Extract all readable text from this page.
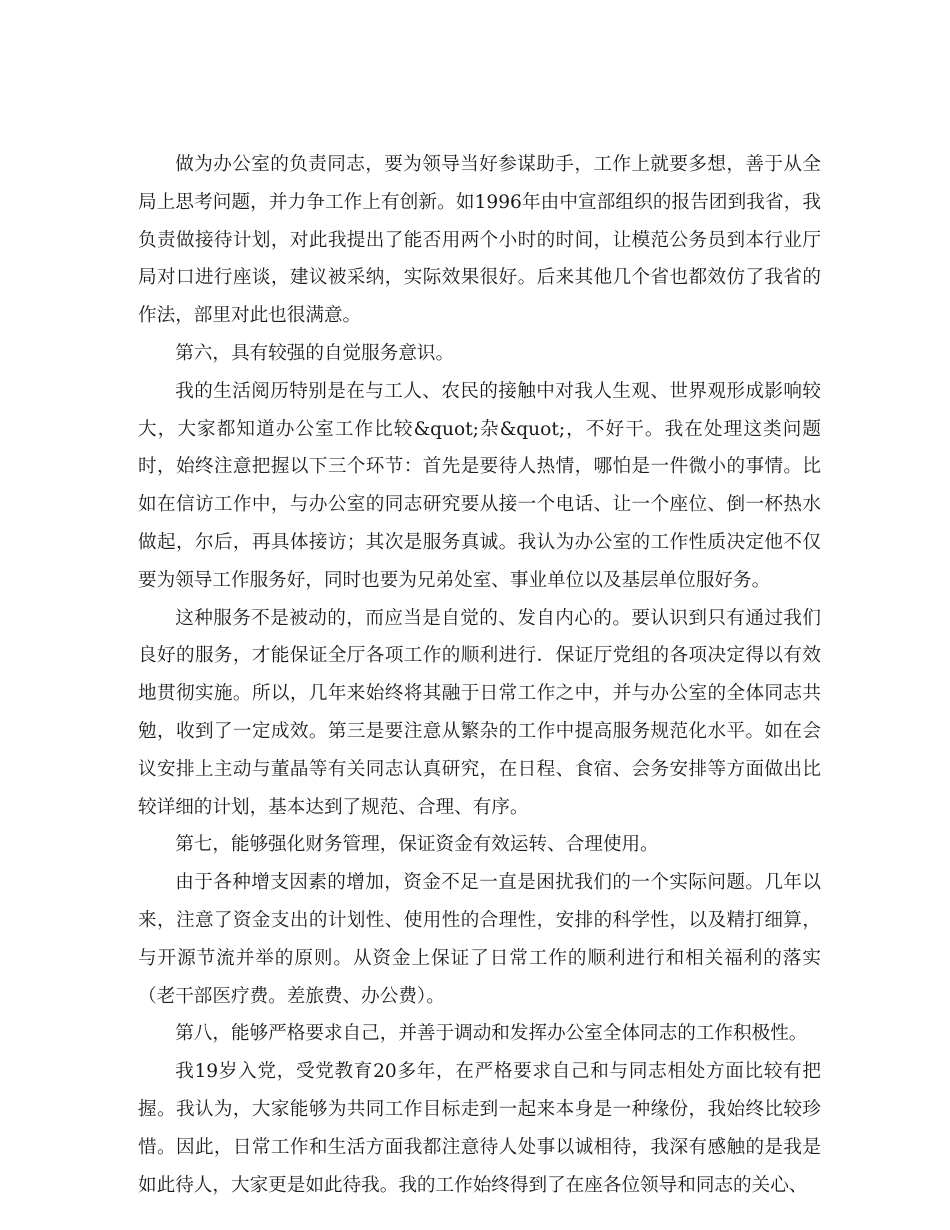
做为办公室的负责同志，要为领导当好参谋助手，工作上就要多想，善于从全局上思考问题，并力争工作上有创新。如1996年由中宣部组织的报告团到我省，我负责做接待计划，对此我提出了能否用两个小时的时间，让模范公务员到本行业厅局对口进行座谈，建议被采纳，实际效果很好。后来其他几个省也都效仿了我省的作法，部里对此也很满意。

第六，具有较强的自觉服务意识。

我的生活阅历特别是在与工人、农民的接触中对我人生观、世界观形成影响较大，大家都知道办公室工作比较&quot;杂&quot;，不好干。我在处理这类问题时，始终注意把握以下三个环节：首先是要待人热情，哪怕是一件微小的事情。比如在信访工作中，与办公室的同志研究要从接一个电话、让一个座位、倒一杯热水做起，尔后，再具体接访；其次是服务真诚。我认为办公室的工作性质决定他不仅要为领导工作服务好，同时也要为兄弟处室、事业单位以及基层单位服好务。

这种服务不是被动的，而应当是自觉的、发自内心的。要认识到只有通过我们良好的服务，才能保证全厅各项工作的顺利进行．保证厅党组的各项决定得以有效地贯彻实施。所以，几年来始终将其融于日常工作之中，并与办公室的全体同志共勉，收到了一定成效。第三是要注意从繁杂的工作中提高服务规范化水平。如在会议安排上主动与董晶等有关同志认真研究，在日程、食宿、会务安排等方面做出比较详细的计划，基本达到了规范、合理、有序。

第七，能够强化财务管理，保证资金有效运转、合理使用。

由于各种增支因素的增加，资金不足一直是困扰我们的一个实际问题。几年以来，注意了资金支出的计划性、使用性的合理性，安排的科学性，以及精打细算，与开源节流并举的原则。从资金上保证了日常工作的顺利进行和相关福利的落实（老干部医疗费。差旅费、办公费）。

第八，能够严格要求自己，并善于调动和发挥办公室全体同志的工作积极性。

我19岁入党，受党教育20多年，在严格要求自己和与同志相处方面比较有把握。我认为，大家能够为共同工作目标走到一起来本身是一种缘份，我始终比较珍惜。因此，日常工作和生活方面我都注意待人处事以诚相待，我深有感触的是我是如此待人，大家更是如此待我。我的工作始终得到了在座各位领导和同志的关心、
